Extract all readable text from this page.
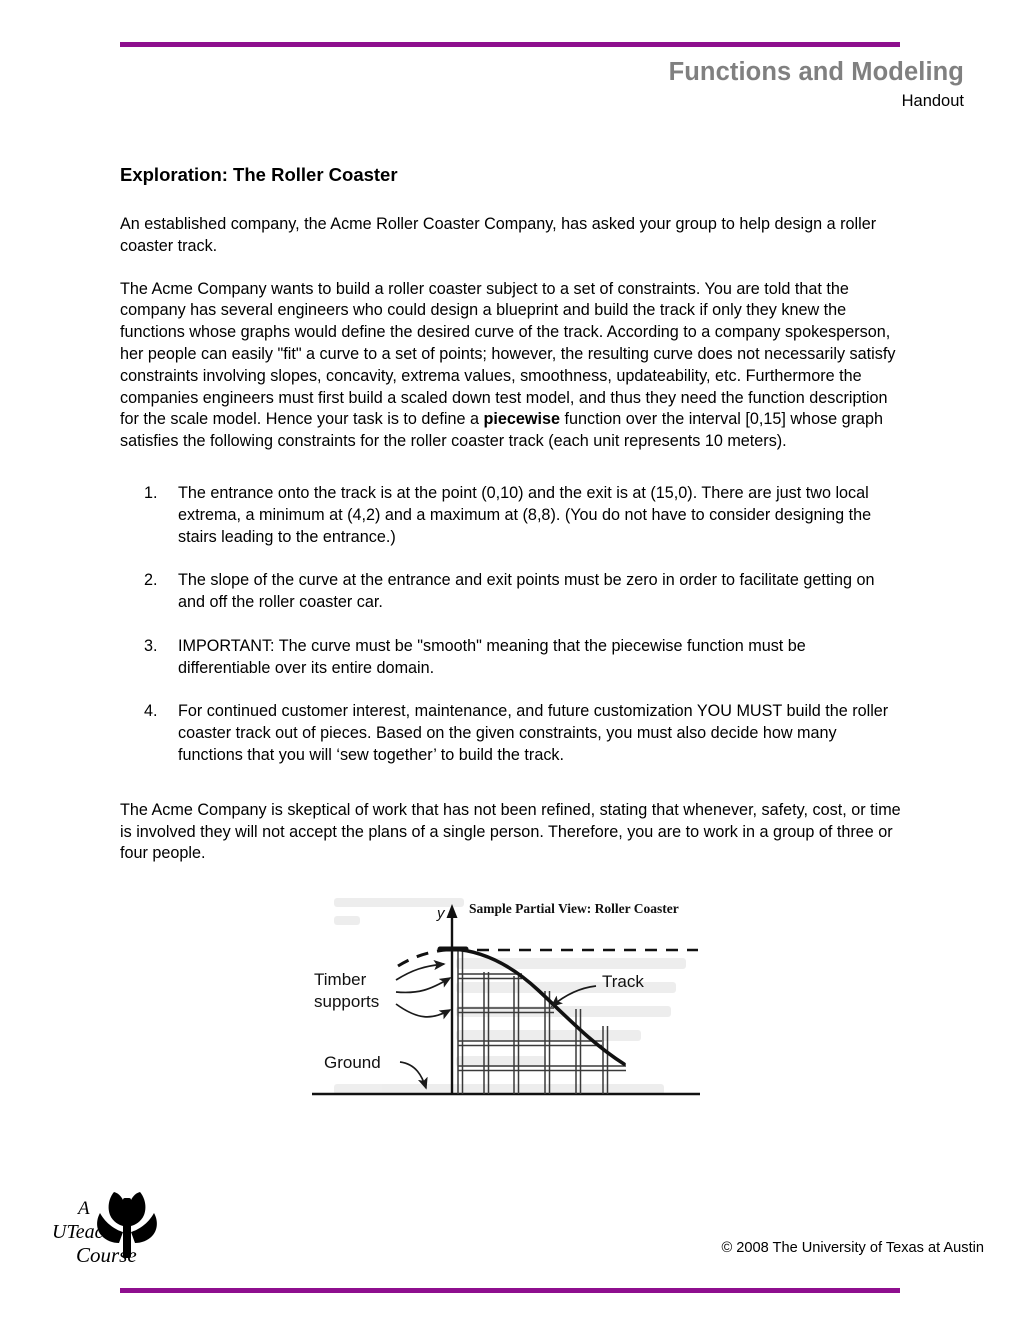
Functions and Modeling
Handout
Exploration: The Roller Coaster

An established company, the Acme Roller Coaster Company, has asked your group to help design a roller coaster track.

The Acme Company wants to build a roller coaster subject to a set of constraints. You are told that the company has several engineers who could design a blueprint and build the track if only they knew the functions whose graphs would define the desired curve of the track. According to a company spokesperson, her people can easily "fit" a curve to a set of points; however, the resulting curve does not necessarily satisfy constraints involving slopes, concavity, extrema values, smoothness, updateability, etc. Furthermore the companies engineers must first build a scaled down test model, and thus they need the function description for the scale model. Hence your task is to define a piecewise function over the interval [0,15] whose graph satisfies the following constraints for the roller coaster track (each unit represents 10 meters).

1.	The entrance onto the track is at the point (0,10) and the exit is at (15,0). There are just two local extrema, a minimum at (4,2) and a maximum at (8,8). (You do not have to consider designing the stairs leading to the entrance.)
2.	The slope of the curve at the entrance and exit points must be zero in order to facilitate getting on and off the roller coaster car.
3.	IMPORTANT: The curve must be "smooth" meaning that the piecewise function must be differentiable over its entire domain.
4.	For continued customer interest, maintenance, and future customization YOU MUST build the roller coaster track out of pieces. Based on the given constraints, you must also decide how many functions that you will ‘sew together’ to build the track.

The Acme Company is skeptical of work that has not been refined, stating that whenever, safety, cost, or time is involved they will not accept the plans of a single person. Therefore, you are to work in a group of three or four people.

y Sample Partial View: Roller Coaster
Timber
supports
Track
Ground
A
UTeach
Course	© 2008 The University of Texas at Austin
